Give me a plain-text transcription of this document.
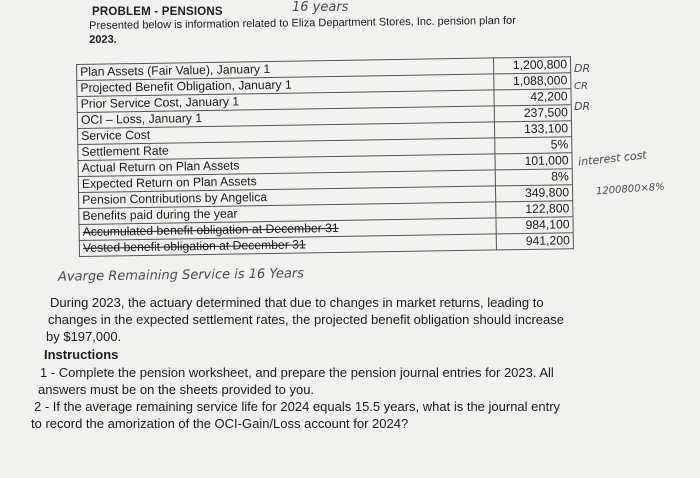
PROBLEM - PENSIONS	16 years
Presented below is information related to Eliza Department Stores, Inc. pension plan for
2023.
Plan Assets (Fair Value), January 1	1,200,800
Projected Benefit Obligation, January 1	1,088,000
Prior Service Cost, January 1	42,200
OCI – Loss, January 1	237,500
Service Cost	133,100
Settlement Rate	5%
Actual Return on Plan Assets	101,000
Expected Return on Plan Assets	8%
Pension Contributions by Angelica	349,800
Benefits paid during the year	122,800
Accumulated benefit obligation at December 31	984,100
Vested benefit obligation at December 31	941,200
DR
CR
DR
interest cost
1200800×8%
Avarge Remaining Service is 16 Years
During 2023, the actuary determined that due to changes in market returns, leading to
changes in the expected settlement rates, the projected benefit obligation should increase
by $197,000.
Instructions
1 - Complete the pension worksheet, and prepare the pension journal entries for 2023. All
answers must be on the sheets provided to you.
2 - If the average remaining service life for 2024 equals 15.5 years, what is the journal entry
to record the amorization of the OCI-Gain/Loss account for 2024?
